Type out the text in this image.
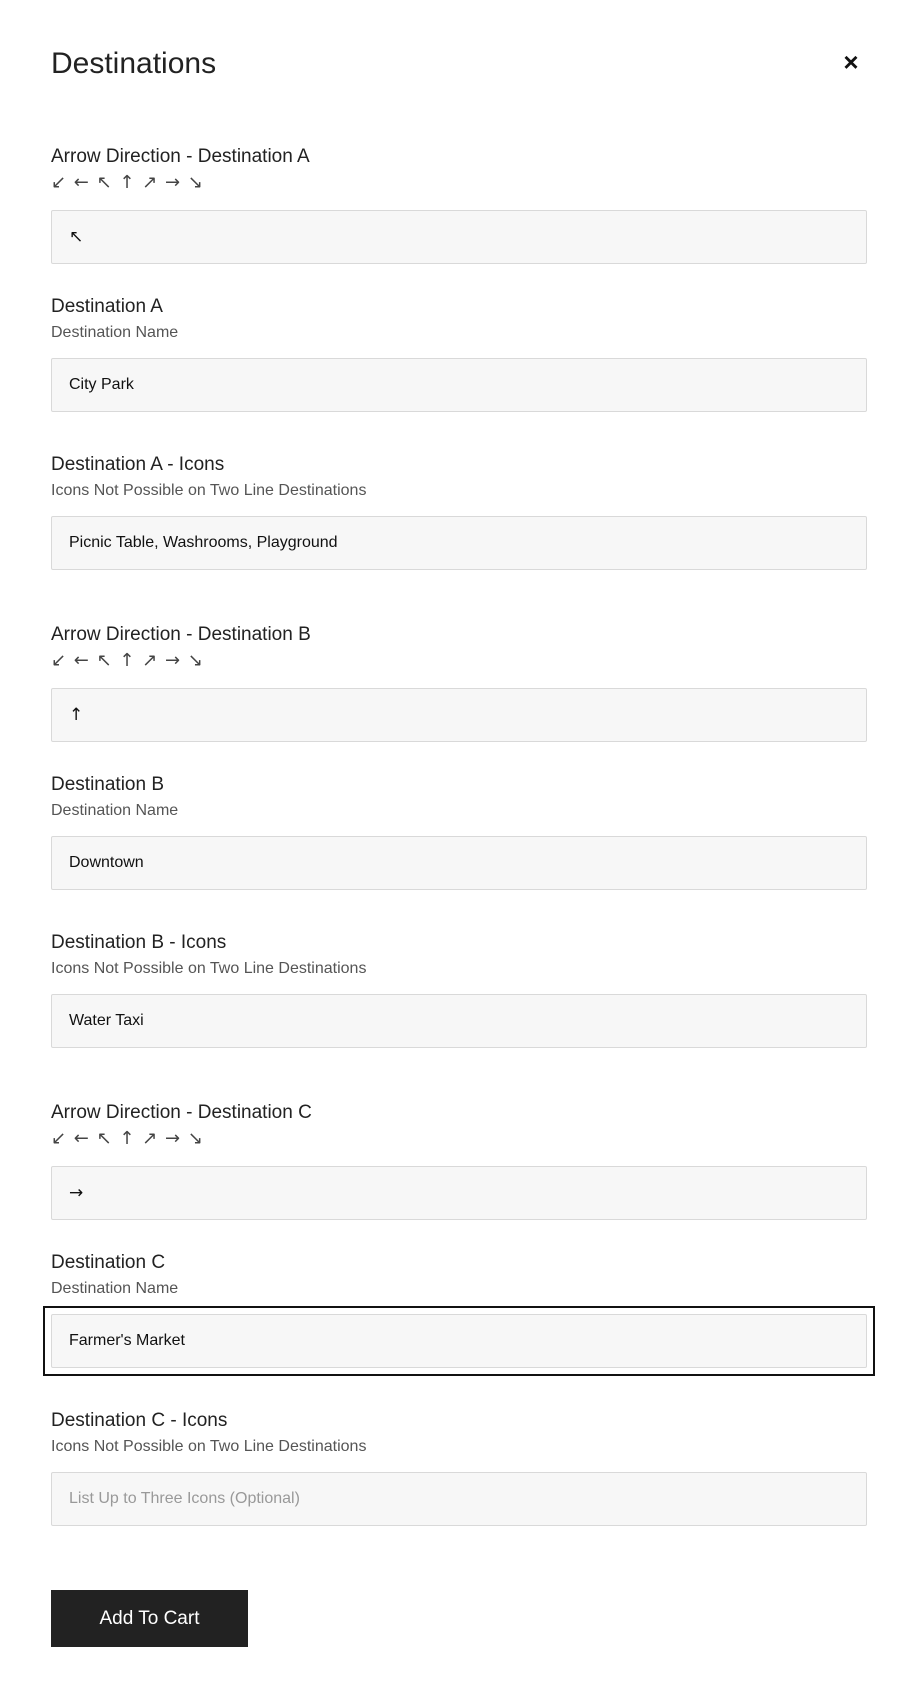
Destinations	×
Arrow Direction - Destination A
↙ ← ↖ ↑ ↗ → ↘
↖
Destination A
Destination Name
City Park
Destination A - Icons
Icons Not Possible on Two Line Destinations
Picnic Table, Washrooms, Playground
Arrow Direction - Destination B
↙ ← ↖ ↑ ↗ → ↘
↑
Destination B
Destination Name
Downtown
Destination B - Icons
Icons Not Possible on Two Line Destinations
Water Taxi
Arrow Direction - Destination C
↙ ← ↖ ↑ ↗ → ↘
→
Destination C
Destination Name
Farmer's Market
Destination C - Icons
Icons Not Possible on Two Line Destinations
List Up to Three Icons (Optional)
Add To Cart
